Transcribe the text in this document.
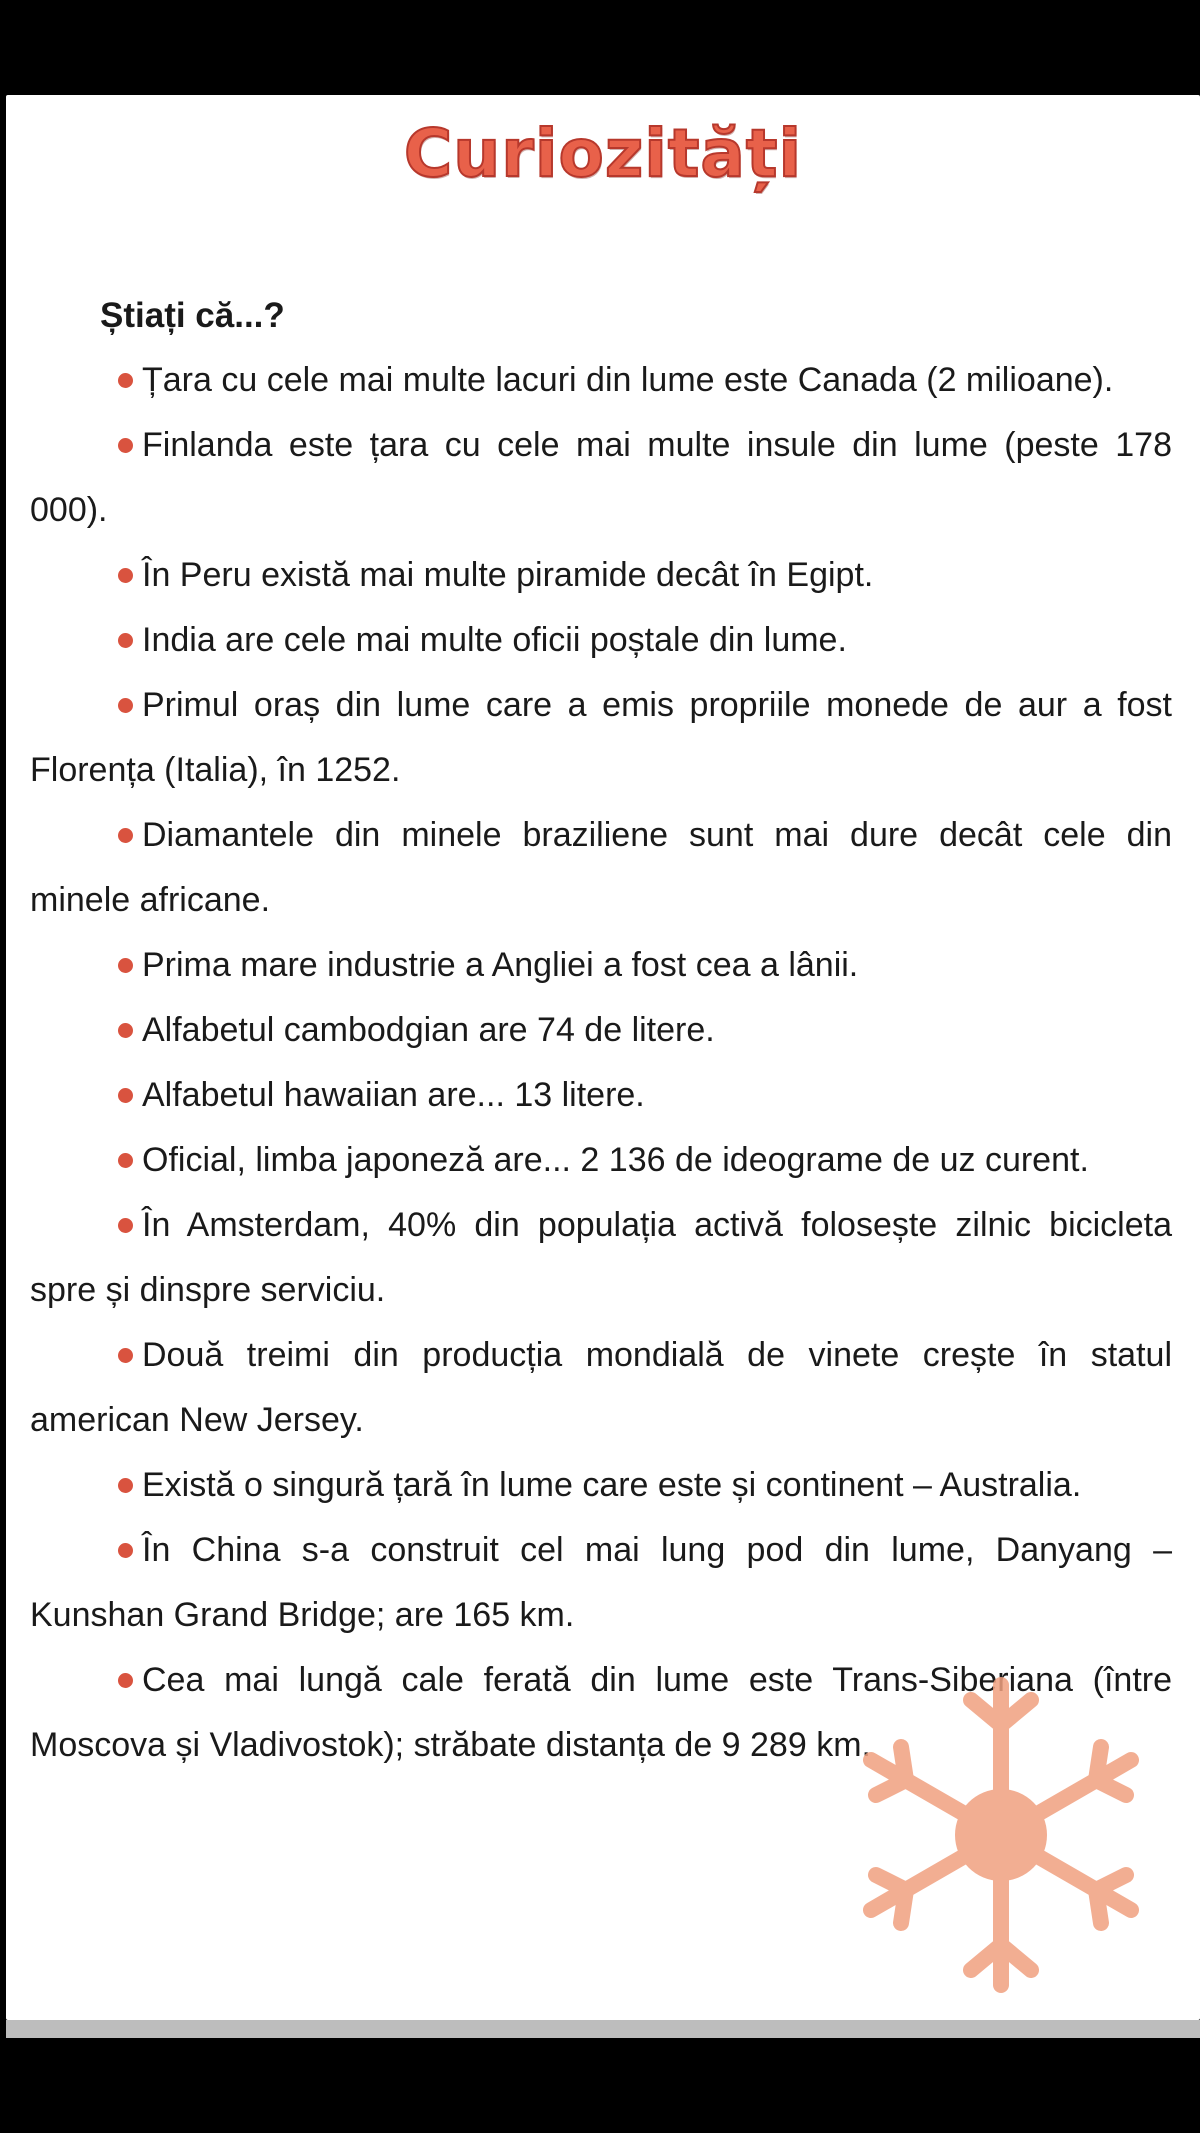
Curiozități
Știați că...?

Țara cu cele mai multe lacuri din lume este Canada (2 milioane).

Finlanda este țara cu cele mai multe insule din lume (peste 178 000).

În Peru există mai multe piramide decât în Egipt.

India are cele mai multe oficii poștale din lume.

Primul oraș din lume care a emis propriile monede de aur a fost Florența (Italia), în 1252.

Diamantele din minele braziliene sunt mai dure decât cele din minele africane.

Prima mare industrie a Angliei a fost cea a lânii.

Alfabetul cambodgian are 74 de litere.

Alfabetul hawaiian are... 13 litere.

Oficial, limba japoneză are... 2 136 de ideograme de uz curent.

În Amsterdam, 40% din populația activă folosește zilnic bicicleta spre și dinspre serviciu.

Două treimi din producția mondială de vinete crește în statul american New Jersey.

Există o singură țară în lume care este și continent – Australia.

În China s-a construit cel mai lung pod din lume, Danyang – Kunshan Grand Bridge; are 165 km.

Cea mai lungă cale ferată din lume este Trans-Siberiana (între Moscova și Vladivostok); străbate distanța de 9 289 km.
